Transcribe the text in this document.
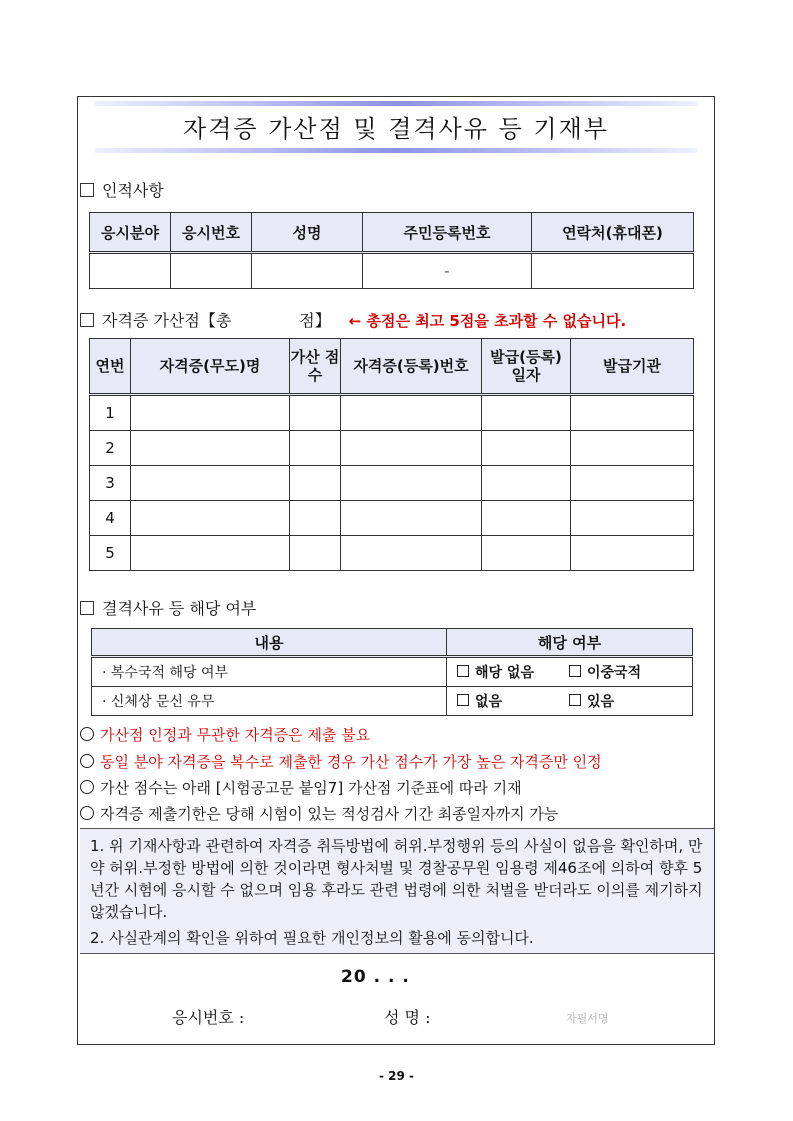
자격증 가산점 및 결격사유 등 기재부
인적사항
응시분야	응시번호	성명	주민등록번호	연락처(휴대폰)
			-	
자격증 가산점【총	점】 ← 총점은 최고 5점을 초과할 수 없습니다.
연번	자격증(무도)명	가산 점수	자격증(등록)번호	발급(등록) 일자	발급기관
1					
2					
3					
4					
5					
결격사유 등 해당 여부
내용	해당 여부
· 복수국적 해당 여부	해당 없음 이중국적
· 신체상 문신 유무	없음 있음
가산점 인정과 무관한 자격증은 제출 불요
동일 분야 자격증을 복수로 제출한 경우 가산 점수가 가장 높은 자격증만 인정
가산 점수는 아래 [시험공고문 붙임7] 가산점 기준표에 따라 기재
자격증 제출기한은 당해 시험이 있는 적성검사 기간 최종일자까지 가능

1. 위 기재사항과 관련하여 자격증 취득방법에 허위.부정행위 등의 사실이 없음을 확인하며, 만약 허위.부정한 방법에 의한 것이라면 형사처벌 및 경찰공무원 임용령 제46조에 의하여 향후 5년간 시험에 응시할 수 없으며 임용 후라도 관련 법령에 의한 처벌을 받더라도 이의를 제기하지 않겠습니다.

2. 사실관계의 확인을 위하여 필요한 개인정보의 활용에 동의합니다.

20 . . .
응시번호 :	성 명 :	자필서명
- 29 -
